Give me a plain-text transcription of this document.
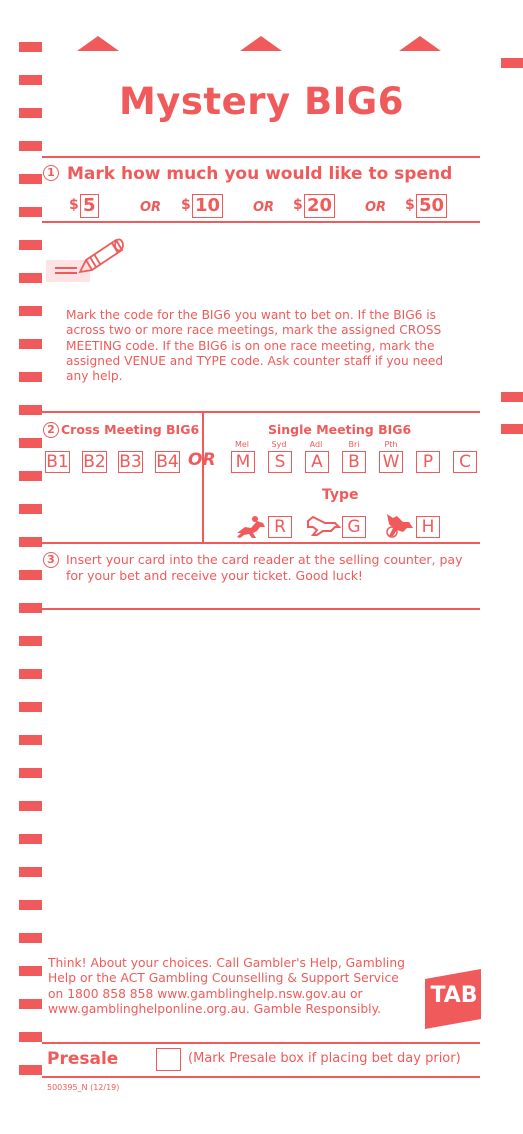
Mystery BIG6
1 Mark how much you would like to spend
$ 5	OR $ 10	OR $ 20	OR $ 50
Mark the code for the BIG6 you want to bet on. If the BIG6 is across two or more race meetings, mark the assigned CROSS MEETING code. If the BIG6 is on one race meeting, mark the assigned VENUE and TYPE code. Ask counter staff if you need any help.
2 Cross Meeting BIG6
B1 B2 B3 B4 OR
Single Meeting BIG6
Mel	Syd	Adl	Bri	Pth
M	S	A	B	W	P	C
Type
R	G	H
3 Insert your card into the card reader at the selling counter, pay for your bet and receive your ticket. Good luck!
Think! About your choices. Call Gambler's Help, Gambling Help or the ACT Gambling Counselling & Support Service on 1800 858 858 www.gamblinghelp.nsw.gov.au or www.gamblinghelponline.org.au. Gamble Responsibly.
TAB
Presale	(Mark Presale box if placing bet day prior)
500395_N (12/19)
